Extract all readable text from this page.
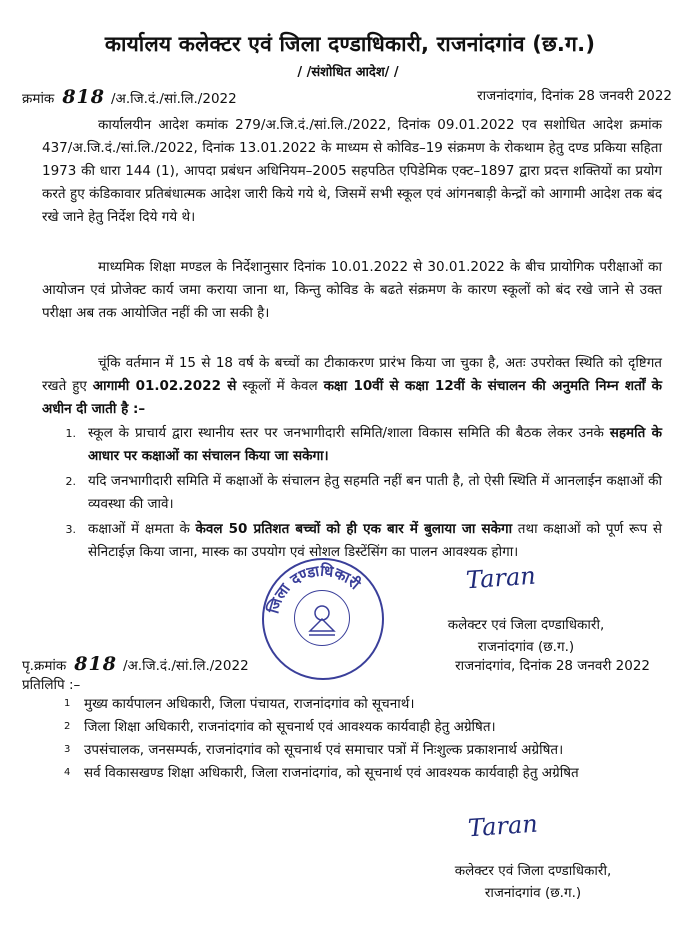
कार्यालय कलेक्टर एवं जिला दण्डाधिकारी, राजनांदगांव (छ.ग.)
/ /संशोधित आदेश/ /
क्रमांक 818 /अ.जि.दं./सां.लि./2022	राजनांदगांव, दिनांक 28 जनवरी 2022

कार्यालयीन आदेश कमांक 279/अ.जि.दं./सां.लि./2022, दिनांक 09.01.2022 एव सशोधित आदेश क्रमांक 437/अ.जि.दं./सां.लि./2022, दिनांक 13.01.2022 के माध्यम से कोविड–19 संक्रमण के रोकथाम हेतु दण्ड प्रकिया सहिता 1973 की धारा 144 (1), आपदा प्रबंधन अधिनियम–2005 सहपठित एपिडेमिक एक्ट–1897 द्वारा प्रदत्त शक्तियों का प्रयोग करते हुए कंडिकावार प्रतिबंधात्मक आदेश जारी किये गये थे, जिसमें सभी स्कूल एवं आंगनबाड़ी केन्द्रों को आगामी आदेश तक बंद रखे जाने हेतु निर्देश दिये गये थे।

माध्यमिक शिक्षा मण्डल के निर्देशानुसार दिनांक 10.01.2022 से 30.01.2022 के बीच प्रायोगिक परीक्षाओं का आयोजन एवं प्रोजेक्ट कार्य जमा कराया जाना था, किन्तु कोविड के बढते संक्रमण के कारण स्कूलों को बंद रखे जाने से उक्त परीक्षा अब तक आयोजित नहीं की जा सकी है।

चूंकि वर्तमान में 15 से 18 वर्ष के बच्चों का टीकाकरण प्रारंभ किया जा चुका है, अतः उपरोक्त स्थिति को दृष्टिगत रखते हुए आगामी 01.02.2022 से स्कूलों में केवल कक्षा 10वीं से कक्षा 12वीं के संचालन की अनुमति निम्न शर्तों के अधीन दी जाती है :–

1. स्कूल के प्राचार्य द्वारा स्थानीय स्तर पर जनभागीदारी समिति/शाला विकास समिति की बैठक लेकर उनके सहमति के आधार पर कक्षाओं का संचालन किया जा सकेगा।
2. यदि जनभागीदारी समिति में कक्षाओं के संचालन हेतु सहमति नहीं बन पाती है, तो ऐसी स्थिति में आनलाईन कक्षाओं की व्यवस्था की जावे।
3. कक्षाओं में क्षमता के केवल 50 प्रतिशत बच्चों को ही एक बार में बुलाया जा सकेगा तथा कक्षाओं को पूर्ण रूप से सेनिटाईज़ किया जाना, मास्क का उपयोग एवं सोशल डिस्टेंसिंग का पालन आवश्यक होगा।
जिला दण्डाधिकारी	Taran
कलेक्टर एवं जिला दण्डाधिकारी,
राजनांदगांव (छ.ग.)
पृ.क्रमांक 818 /अ.जि.दं./सां.लि./2022	राजनांदगांव, दिनांक 28 जनवरी 2022
प्रतिलिपि :–
1 मुख्य कार्यपालन अधिकारी, जिला पंचायत, राजनांदगांव को सूचनार्थ।
2 जिला शिक्षा अधिकारी, राजनांदगांव को सूचनार्थ एवं आवश्यक कार्यवाही हेतु अग्रेषित।
3 उपसंचालक, जनसम्पर्क, राजनांदगांव को सूचनार्थ एवं समाचार पत्रों में निःशुल्क प्रकाशनार्थ अग्रेषित।
4 सर्व विकासखण्ड शिक्षा अधिकारी, जिला राजनांदगांव, को सूचनार्थ एवं आवश्यक कार्यवाही हेतु अग्रेषित
Taran
कलेक्टर एवं जिला दण्डाधिकारी,
राजनांदगांव (छ.ग.)
